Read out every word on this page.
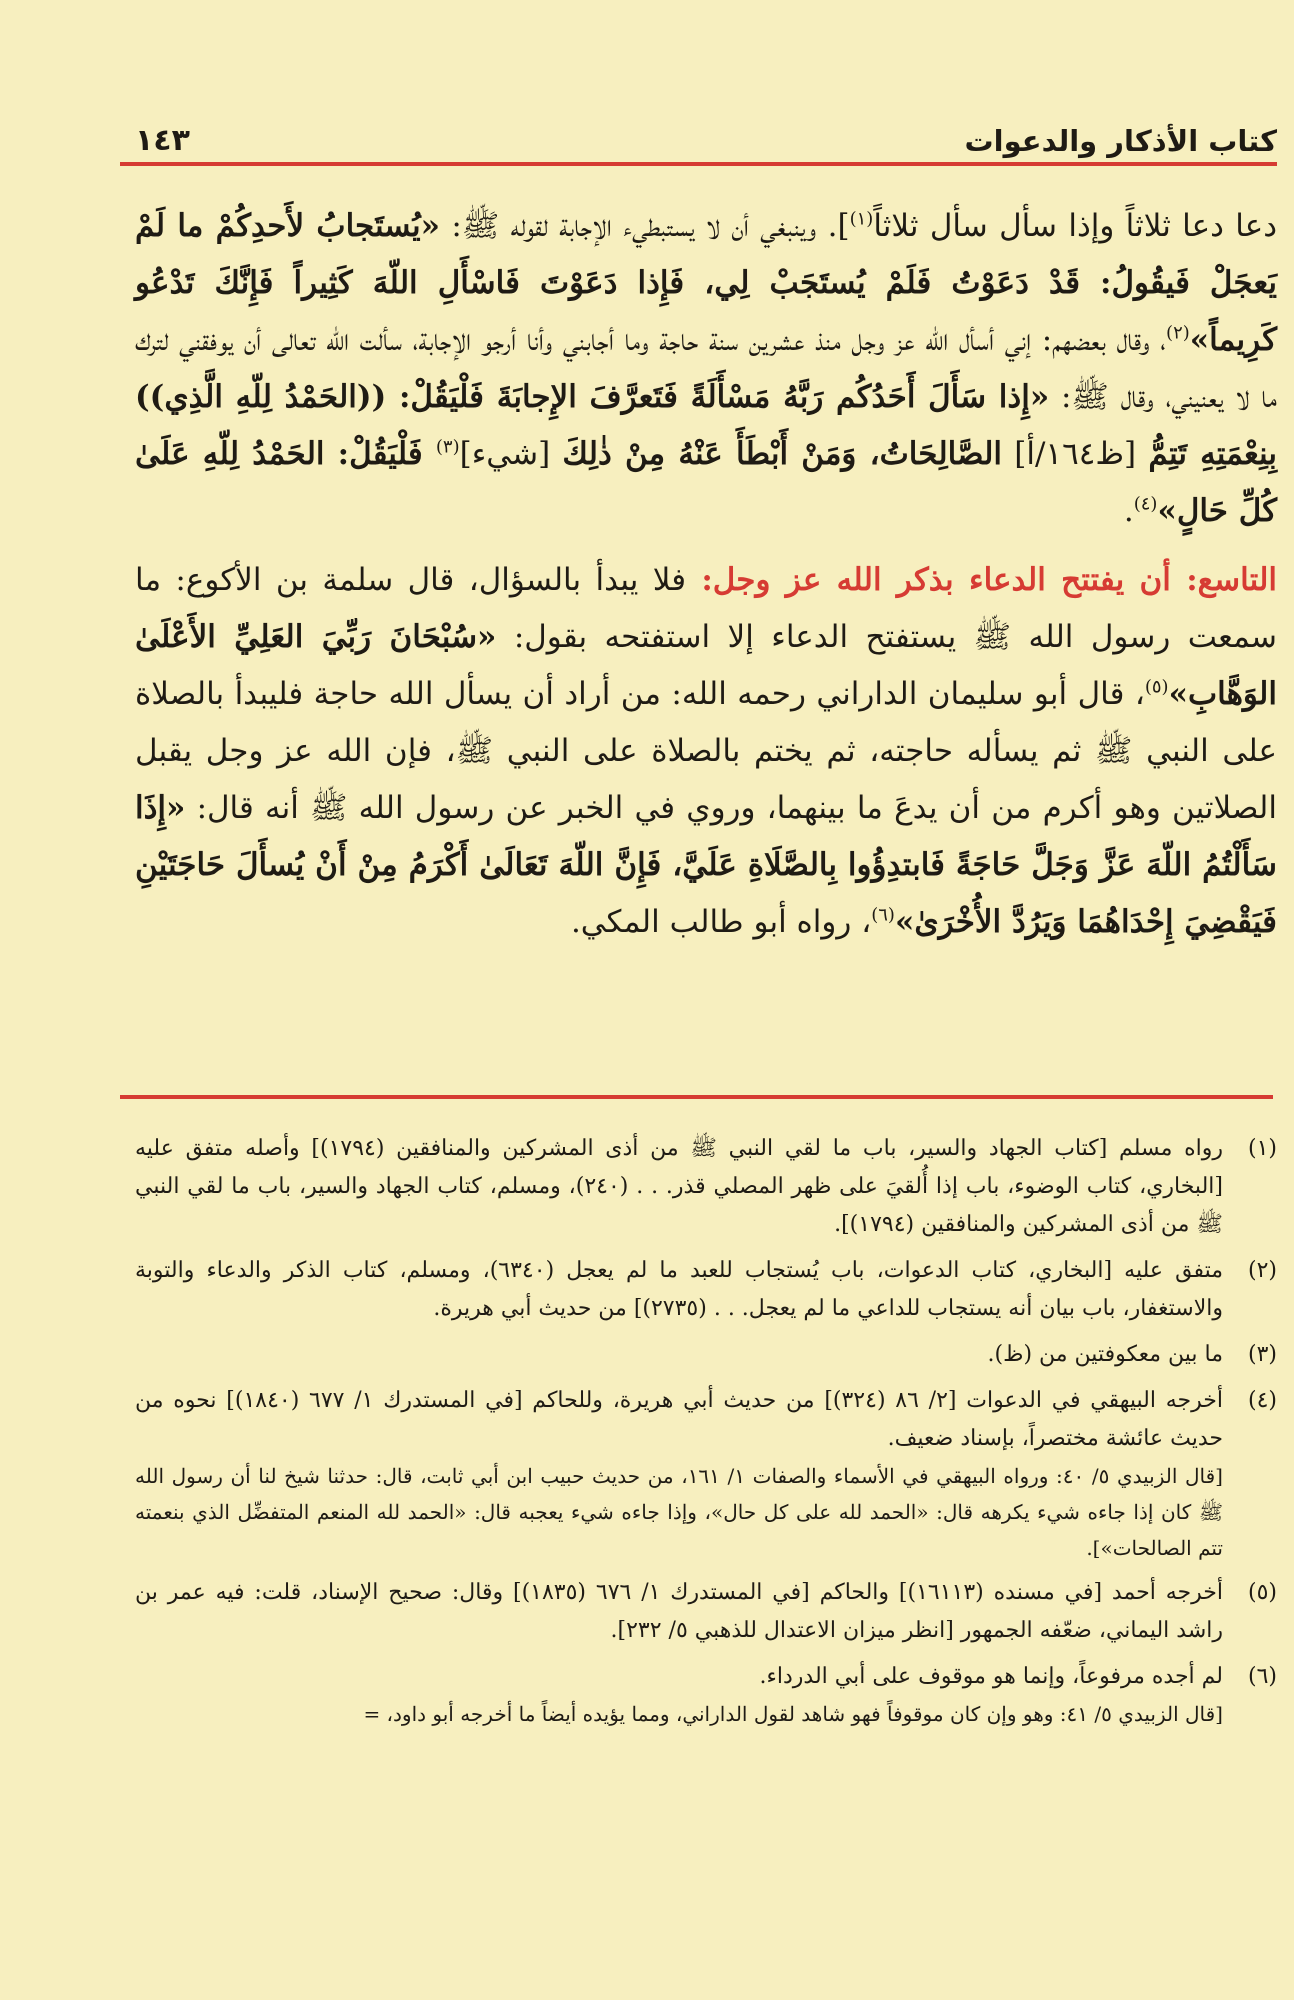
كتاب الأذكار والدعوات
١٤٣

دعا دعا ثلاثاً وإذا سأل سأل ثلاثاً$^{(١)}$]. وينبغي أن لا يستبطيء الإجابة لقوله ﷺ: «يُستَجابُ لأَحدِكُمْ ما لَمْ يَعجَلْ فَيقُولُ: قَدْ دَعَوْتُ فَلَمْ يُستَجَبْ لِي، فَإِذا دَعَوْتَ فَاسْأَلِ اللّهَ كَثِيراً فَإِنَّكَ تَدْعُو كَرِيماً»$^{(٢)}$، وقال بعضهم: إني أسأل الله عز وجل منذ عشرين سنة حاجة وما أجابني وأنا أرجو الإجابة، سألت الله تعالى أن يوفقني لترك ما لا يعنيني، وقال ﷺ: «إِذا سَأَلَ أَحَدُكُم رَبَّهُ مَسْأَلَةً فَتَعرَّفَ الإِجابَةَ فَلْيَقُلْ: ((الحَمْدُ لِلّهِ الَّذِي)) بِنِعْمَتِهِ تَتِمُّ [ظ١٦٤/أ] الصَّالِحَاتُ، وَمَنْ أَبْطَأَ عَنْهُ مِنْ ذٰلِكَ [شيء]$^{(٣)}$ فَلْيَقُلْ: الحَمْدُ لِلّهِ عَلَىٰ كُلِّ حَالٍ»$^{(٤)}$.

التاسع: أن يفتتح الدعاء بذكر الله عز وجل: فلا يبدأ بالسؤال، قال سلمة بن الأكوع: ما سمعت رسول الله ﷺ يستفتح الدعاء إلا استفتحه بقول: «سُبْحَانَ رَبِّيَ العَلِيِّ الأَعْلَىٰ الوَهَّابِ»$^{(٥)}$، قال أبو سليمان الداراني رحمه الله: من أراد أن يسأل الله حاجة فليبدأ بالصلاة على النبي ﷺ ثم يسأله حاجته، ثم يختم بالصلاة على النبي ﷺ، فإن الله عز وجل يقبل الصلاتين وهو أكرم من أن يدعَ ما بينهما، وروي في الخبر عن رسول الله ﷺ أنه قال: «إِذَا سَأَلْتُمُ اللّهَ عَزَّ وَجَلَّ حَاجَةً فَابتدِؤُوا بِالصَّلَاةِ عَلَيَّ، فَإِنَّ اللّهَ تَعَالَىٰ أَكْرَمُ مِنْ أَنْ يُسأَلَ حَاجَتَيْنِ فَيَقْضِيَ إِحْدَاهُمَا وَيَرُدَّ الأُخْرَىٰ»$^{(٦)}$، رواه أبو طالب المكي.

(١)
رواه مسلم [كتاب الجهاد والسير، باب ما لقي النبي ﷺ من أذى المشركين والمنافقين (١٧٩٤)] وأصله متفق عليه [البخاري، كتاب الوضوء، باب إذا أُلقيَ على ظهر المصلي قذر. . . (٢٤٠)، ومسلم، كتاب الجهاد والسير، باب ما لقي النبي ﷺ من أذى المشركين والمنافقين (١٧٩٤)].
(٢)
متفق عليه [البخاري، كتاب الدعوات، باب يُستجاب للعبد ما لم يعجل (٦٣٤٠)، ومسلم، كتاب الذكر والدعاء والتوبة والاستغفار، باب بيان أنه يستجاب للداعي ما لم يعجل. . . (٢٧٣٥)] من حديث أبي هريرة.
(٣)
ما بين معكوفتين من (ظ).
(٤)
أخرجه البيهقي في الدعوات [٢/ ٨٦ (٣٢٤)] من حديث أبي هريرة، وللحاكم [في المستدرك ١/ ٦٧٧ (١٨٤٠)] نحوه من حديث عائشة مختصراً، بإسناد ضعيف.
[قال الزبيدي ٥/ ٤٠: ورواه البيهقي في الأسماء والصفات ١/ ١٦١، من حديث حبيب ابن أبي ثابت، قال: حدثنا شيخ لنا أن رسول الله ﷺ كان إذا جاءه شيء يكرهه قال: «الحمد لله على كل حال»، وإذا جاءه شيء يعجبه قال: «الحمد لله المنعم المتفضِّل الذي بنعمته تتم الصالحات»].
(٥)
أخرجه أحمد [في مسنده (١٦١١٣)] والحاكم [في المستدرك ١/ ٦٧٦ (١٨٣٥)] وقال: صحيح الإسناد، قلت: فيه عمر بن راشد اليماني، ضعّفه الجمهور [انظر ميزان الاعتدال للذهبي ٥/ ٢٣٢].
(٦)
لم أجده مرفوعاً، وإنما هو موقوف على أبي الدرداء.
[قال الزبيدي ٥/ ٤١: وهو وإن كان موقوفاً فهو شاهد لقول الداراني، ومما يؤيده أيضاً ما أخرجه أبو داود، =
